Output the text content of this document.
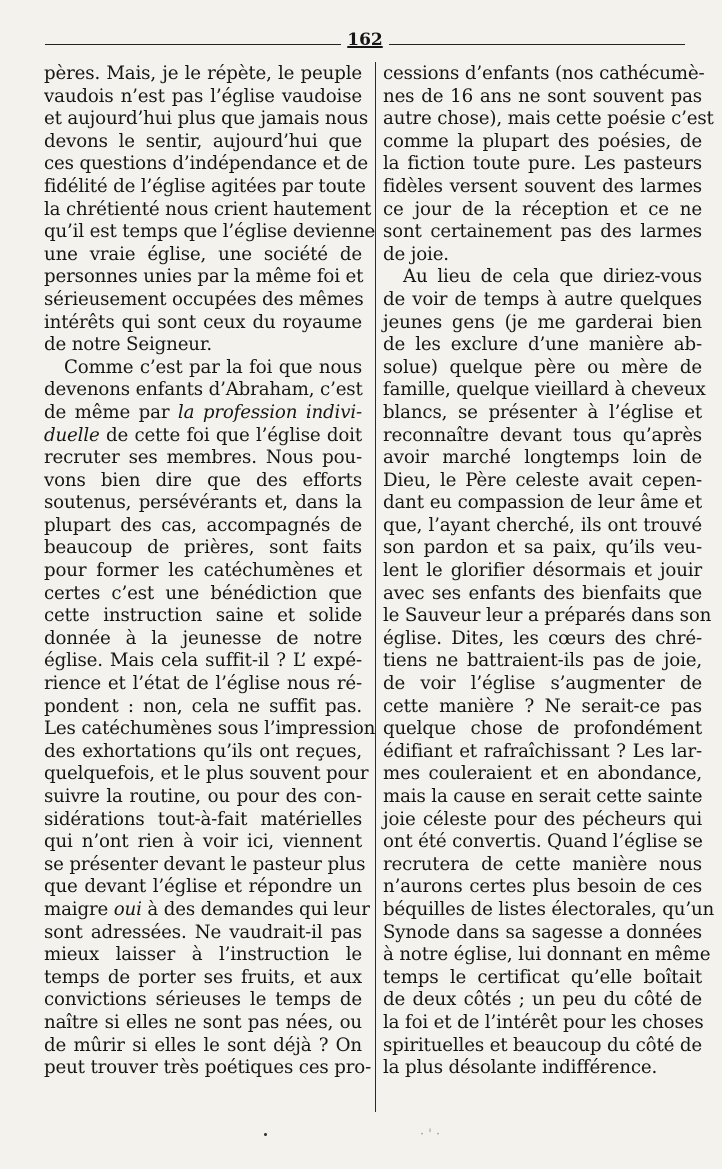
162
pères. Mais, je le répète, le peuple
vaudois n’est pas l’église vaudoise
et aujourd’hui plus que jamais nous
devons le sentir, aujourd’hui que
ces questions d’indépendance et de
fidélité de l’église agitées par toute
la chrétienté nous crient hautement
qu’il est temps que l’église devienne
une vraie église, une société de
personnes unies par la même foi et
sérieusement occupées des mêmes
intérêts qui sont ceux du royaume
de notre Seigneur.
Comme c’est par la foi que nous
devenons enfants d’Abraham, c’est
de même par la profession indivi-
duelle de cette foi que l’église doit
recruter ses membres. Nous pou-
vons bien dire que des efforts
soutenus, persévérants et, dans la
plupart des cas, accompagnés de
beaucoup de prières, sont faits
pour former les catéchumènes et
certes c’est une bénédiction que
cette instruction saine et solide
donnée à la jeunesse de notre
église. Mais cela suffit-il ? L’ expé-
rience et l’état de l’église nous ré-
pondent : non, cela ne suffit pas.
Les catéchumènes sous l’impression
des exhortations qu’ils ont reçues,
quelquefois, et le plus souvent pour
suivre la routine, ou pour des con-
sidérations tout-à-fait matérielles
qui n’ont rien à voir ici, viennent
se présenter devant le pasteur plus
que devant l’église et répondre un
maigre oui à des demandes qui leur
sont adressées. Ne vaudrait-il pas
mieux laisser à l’instruction le
temps de porter ses fruits, et aux
convictions sérieuses le temps de
naître si elles ne sont pas nées, ou
de mûrir si elles le sont déjà ? On
peut trouver très poétiques ces pro-
cessions d’enfants (nos cathécumè-
nes de 16 ans ne sont souvent pas
autre chose), mais cette poésie c’est
comme la plupart des poésies, de
la fiction toute pure. Les pasteurs
fidèles versent souvent des larmes
ce jour de la réception et ce ne
sont certainement pas des larmes
de joie.
Au lieu de cela que diriez-vous
de voir de temps à autre quelques
jeunes gens (je me garderai bien
de les exclure d’une manière ab-
solue) quelque père ou mère de
famille, quelque vieillard à cheveux
blancs, se présenter à l’église et
reconnaître devant tous qu’après
avoir marché longtemps loin de
Dieu, le Père celeste avait cepen-
dant eu compassion de leur âme et
que, l’ayant cherché, ils ont trouvé
son pardon et sa paix, qu’ils veu-
lent le glorifier désormais et jouir
avec ses enfants des bienfaits que
le Sauveur leur a préparés dans son
église. Dites, les cœurs des chré-
tiens ne battraient-ils pas de joie,
de voir l’église s’augmenter de
cette manière ? Ne serait-ce pas
quelque chose de profondément
édifiant et rafraîchissant ? Les lar-
mes couleraient et en abondance,
mais la cause en serait cette sainte
joie céleste pour des pécheurs qui
ont été convertis. Quand l’église se
recrutera de cette manière nous
n’aurons certes plus besoin de ces
béquilles de listes électorales, qu’un
Synode dans sa sagesse a données
à notre église, lui donnant en même
temps le certificat qu’elle boîtait
de deux côtés ; un peu du côté de
la foi et de l’intérêt pour les choses
spirituelles et beaucoup du côté de
la plus désolante indifférence.
· ' ·
